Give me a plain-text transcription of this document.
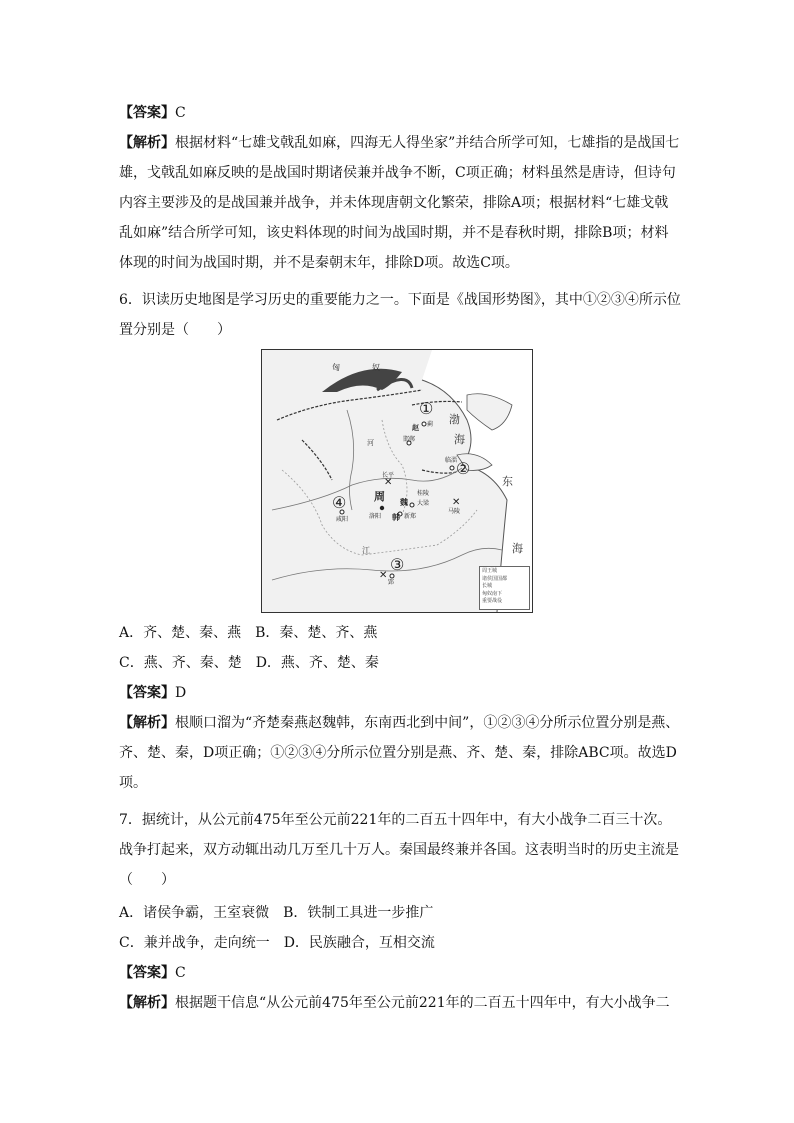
【答案】C
【解析】根据材料“七雄戈戟乱如麻，四海无人得坐家”并结合所学可知，七雄指的是战国七
雄，戈戟乱如麻反映的是战国时期诸侯兼并战争不断，C项正确；材料虽然是唐诗，但诗句
内容主要涉及的是战国兼并战争，并未体现唐朝文化繁荣，排除A项；根据材料“七雄戈戟
乱如麻”结合所学可知，该史料体现的时间为战国时期，并不是春秋时期，排除B项；材料
体现的时间为战国时期，并不是秦朝末年，排除D项。故选C项。
6．识读历史地图是学习历史的重要能力之一。下面是《战国形势图》，其中①②③④所示位
置分别是（　　）
✕
✕
✕
匈	奴
渤
海
东
海
周
洛阳
咸阳
邯郸
赵
长平
蓟
临淄
大梁
新郑
魏
韩
马陵
桂陵
郢
江
河
①
②
③
④
周王城
诸侯国国都
长城
匈奴南下
重要战役
A．齐、楚、秦、燕　B．秦、楚、齐、燕
C．燕、齐、秦、楚　D．燕、齐、楚、秦
【答案】D
【解析】根顺口溜为“齐楚秦燕赵魏韩，东南西北到中间”，①②③④分所示位置分别是燕、
齐、楚、秦，D项正确；①②③④分所示位置分别是燕、齐、楚、秦，排除ABC项。故选D
项。
7．据统计，从公元前475年至公元前221年的二百五十四年中，有大小战争二百三十次。
战争打起来，双方动辄出动几万至几十万人。秦国最终兼并各国。这表明当时的历史主流是
（　　）
A．诸侯争霸，王室衰微　B．铁制工具进一步推广
C．兼并战争，走向统一　D．民族融合，互相交流
【答案】C
【解析】根据题干信息“从公元前475年至公元前221年的二百五十四年中，有大小战争二
